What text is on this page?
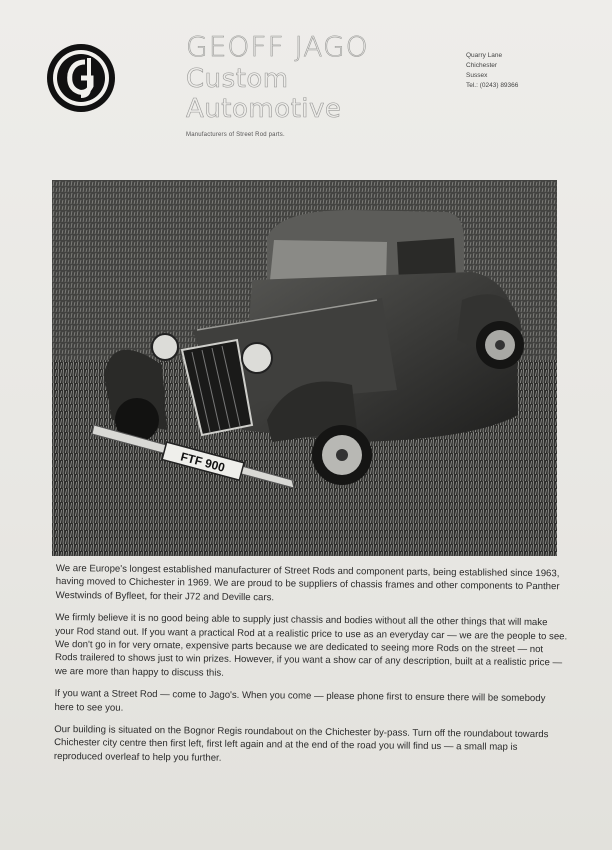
GEOFF JAGO
Custom Automotive
Manufacturers of Street Rod parts.
Quarry Lane
Chichester
Sussex
Tel.: (0243) 89366
FTF 900

We are Europe's longest established manufacturer of Street Rods and component parts, being established since 1963, having moved to Chichester in 1969. We are proud to be suppliers of chassis frames and other components to Panther Westwinds of Byfleet, for their J72 and Deville cars.

We firmly believe it is no good being able to supply just chassis and bodies without all the other things that will make your Rod stand out. If you want a practical Rod at a realistic price to use as an everyday car — we are the people to see. We don't go in for very ornate, expensive parts because we are dedicated to seeing more Rods on the street — not Rods trailered to shows just to win prizes. However, if you want a show car of any description, built at a realistic price — we are more than happy to discuss this.

If you want a Street Rod — come to Jago's. When you come — please phone first to ensure there will be somebody here to see you.

Our building is situated on the Bognor Regis roundabout on the Chichester by-pass. Turn off the roundabout towards Chichester city centre then first left, first left again and at the end of the road you will find us — a small map is reproduced overleaf to help you further.
